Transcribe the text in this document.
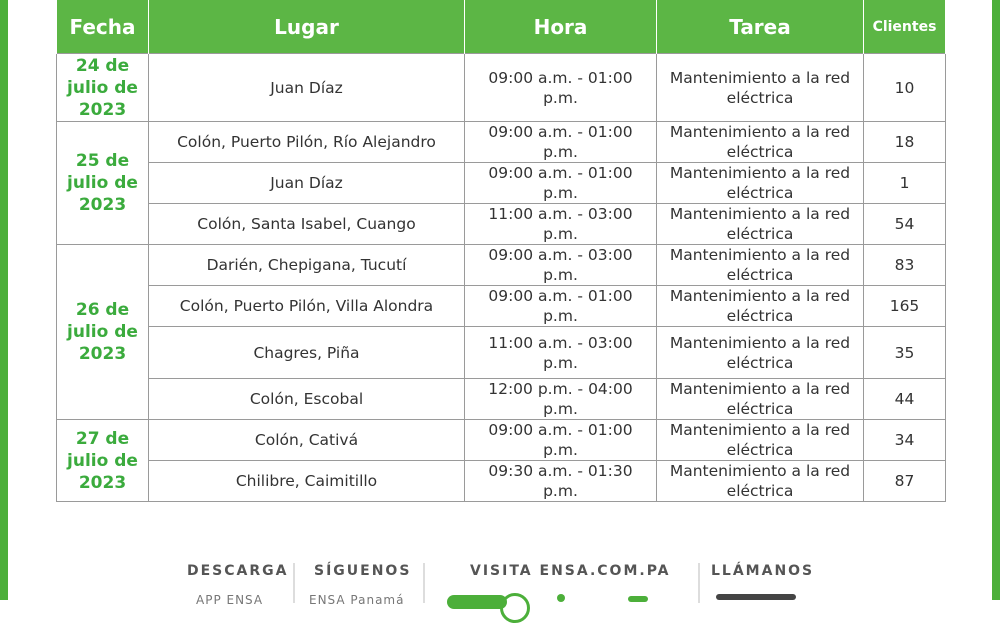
Fecha	Lugar	Hora	Tarea	Clientes
24 de julio de 2023	Juan Díaz	09:00 a.m. - 01:00 p.m.	Mantenimiento a la red eléctrica	10
25 de julio de 2023	Colón, Puerto Pilón, Río Alejandro	09:00 a.m. - 01:00 p.m.	Mantenimiento a la red eléctrica	18
	Juan Díaz	09:00 a.m. - 01:00 p.m.	Mantenimiento a la red eléctrica	1
	Colón, Santa Isabel, Cuango	11:00 a.m. - 03:00 p.m.	Mantenimiento a la red eléctrica	54
26 de julio de 2023	Darién, Chepigana, Tucutí	09:00 a.m. - 03:00 p.m.	Mantenimiento a la red eléctrica	83
	Colón, Puerto Pilón, Villa Alondra	09:00 a.m. - 01:00 p.m.	Mantenimiento a la red eléctrica	165
	Chagres, Piña	11:00 a.m. - 03:00 p.m.	Mantenimiento a la red eléctrica	35
	Colón, Escobal	12:00 p.m. - 04:00 p.m.	Mantenimiento a la red eléctrica	44
27 de julio de 2023	Colón, Cativá	09:00 a.m. - 01:00 p.m.	Mantenimiento a la red eléctrica	34
	Chilibre, Caimitillo	09:30 a.m. - 01:30 p.m.	Mantenimiento a la red eléctrica	87
DESCARGA
APP ENSA
SÍGUENOS
ENSA Panamá
VISITA ENSA.COM.PA	LLÁMANOS
